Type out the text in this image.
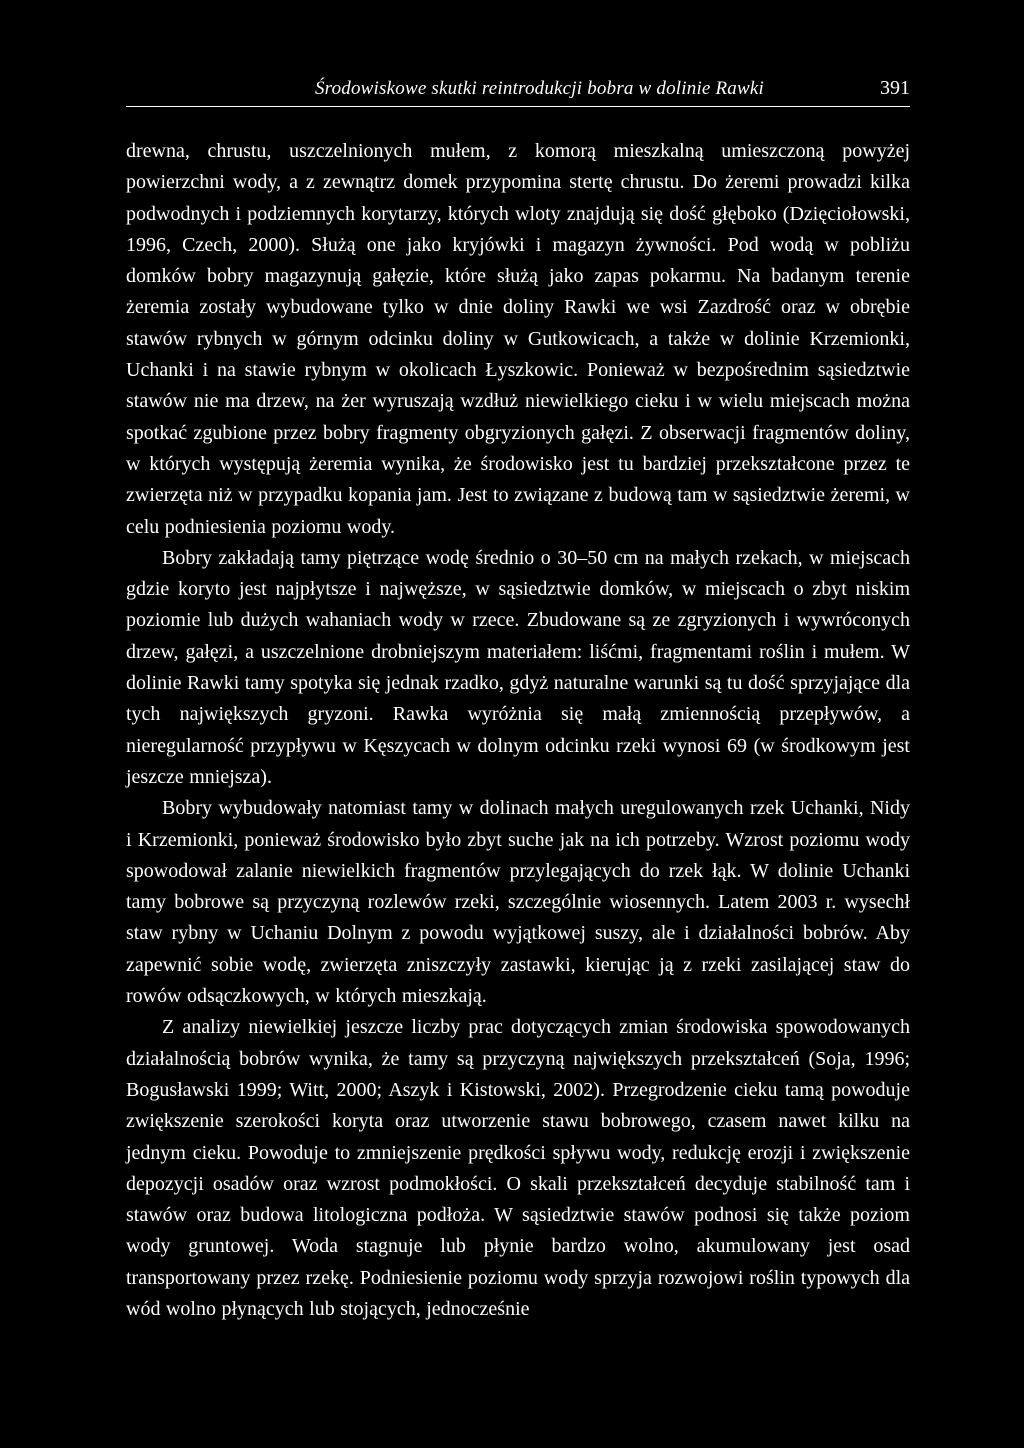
Środowiskowe skutki reintrodukcji bobra w dolinie Rawki	391

drewna, chrustu, uszczelnionych mułem, z komorą mieszkalną umieszczoną powyżej powierzchni wody, a z zewnątrz domek przypomina stertę chrustu. Do żeremi prowadzi kilka podwodnych i podziemnych korytarzy, których wloty znajdują się dość głęboko (Dzięciołowski, 1996, Czech, 2000). Służą one jako kryjówki i magazyn żywności. Pod wodą w pobliżu domków bobry magazynują gałęzie, które służą jako zapas pokarmu. Na badanym terenie żeremia zostały wybudowane tylko w dnie doliny Rawki we wsi Zazdrość oraz w obrębie stawów rybnych w górnym odcinku doliny w Gutkowicach, a także w dolinie Krzemionki, Uchanki i na stawie rybnym w okolicach Łyszkowic. Ponieważ w bezpośrednim sąsiedztwie stawów nie ma drzew, na żer wyruszają wzdłuż niewielkiego cieku i w wielu miejscach można spotkać zgubione przez bobry fragmenty obgryzionych gałęzi. Z obserwacji fragmentów doliny, w których występują żeremia wynika, że środowisko jest tu bardziej przekształcone przez te zwierzęta niż w przypadku kopania jam. Jest to związane z budową tam w sąsiedztwie żeremi, w celu podniesienia poziomu wody.

Bobry zakładają tamy piętrzące wodę średnio o 30–50 cm na małych rzekach, w miejscach gdzie koryto jest najpłytsze i najwęższe, w sąsiedztwie domków, w miejscach o zbyt niskim poziomie lub dużych wahaniach wody w rzece. Zbudowane są ze zgryzionych i wywróconych drzew, gałęzi, a uszczelnione drobniejszym materiałem: liśćmi, fragmentami roślin i mułem. W dolinie Rawki tamy spotyka się jednak rzadko, gdyż naturalne warunki są tu dość sprzyjające dla tych największych gryzoni. Rawka wyróżnia się małą zmiennością przepływów, a nieregularność przypływu w Kęszycach w dolnym odcinku rzeki wynosi 69 (w środkowym jest jeszcze mniejsza).

Bobry wybudowały natomiast tamy w dolinach małych uregulowanych rzek Uchanki, Nidy i Krzemionki, ponieważ środowisko było zbyt suche jak na ich potrzeby. Wzrost poziomu wody spowodował zalanie niewielkich fragmentów przylegających do rzek łąk. W dolinie Uchanki tamy bobrowe są przyczyną rozlewów rzeki, szczególnie wiosennych. Latem 2003 r. wysechł staw rybny w Uchaniu Dolnym z powodu wyjątkowej suszy, ale i działalności bobrów. Aby zapewnić sobie wodę, zwierzęta zniszczyły zastawki, kierując ją z rzeki zasilającej staw do rowów odsączkowych, w których mieszkają.

Z analizy niewielkiej jeszcze liczby prac dotyczących zmian środowiska spowodowanych działalnością bobrów wynika, że tamy są przyczyną największych przekształceń (Soja, 1996; Bogusławski 1999; Witt, 2000; Aszyk i Kistowski, 2002). Przegrodzenie cieku tamą powoduje zwiększenie szerokości koryta oraz utworzenie stawu bobrowego, czasem nawet kilku na jednym cieku. Powoduje to zmniejszenie prędkości spływu wody, redukcję erozji i zwiększenie depozycji osadów oraz wzrost podmokłości. O skali przekształceń decyduje stabilność tam i stawów oraz budowa litologiczna podłoża. W sąsiedztwie stawów podnosi się także poziom wody gruntowej. Woda stagnuje lub płynie bardzo wolno, akumulowany jest osad transportowany przez rzekę. Podniesienie poziomu wody sprzyja rozwojowi roślin typowych dla wód wolno płynących lub stojących, jednocześnie
